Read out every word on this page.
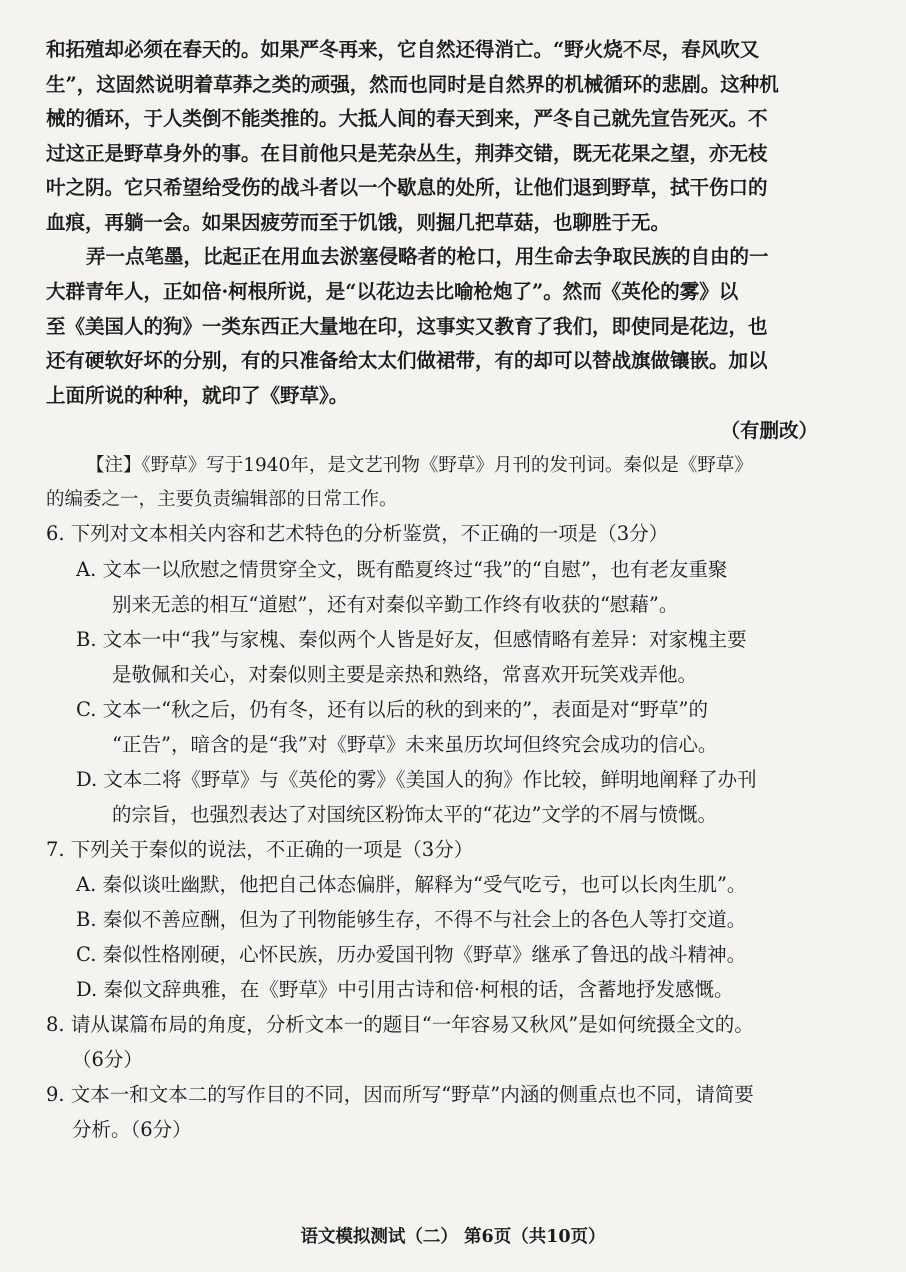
和拓殖却必须在春天的。如果严冬再来，它自然还得消亡。“野火烧不尽，春风吹又
生”，这固然说明着草莽之类的顽强，然而也同时是自然界的机械循环的悲剧。这种机
械的循环，于人类倒不能类推的。大抵人间的春天到来，严冬自己就先宣告死灭。不
过这正是野草身外的事。在目前他只是芜杂丛生，荆莽交错，既无花果之望，亦无枝
叶之阴。它只希望给受伤的战斗者以一个歇息的处所，让他们退到野草，拭干伤口的
血痕，再躺一会。如果因疲劳而至于饥饿，则掘几把草菇，也聊胜于无。
弄一点笔墨，比起正在用血去淤塞侵略者的枪口，用生命去争取民族的自由的一
大群青年人，正如倍·柯根所说，是“以花边去比喻枪炮了”。然而《英伦的雾》以
至《美国人的狗》一类东西正大量地在印，这事实又教育了我们，即使同是花边，也
还有硬软好坏的分别，有的只准备给太太们做裙带，有的却可以替战旗做镶嵌。加以
上面所说的种种，就印了《野草》。
（有删改）
【注】《野草》写于1940年，是文艺刊物《野草》月刊的发刊词。秦似是《野草》
的编委之一，主要负责编辑部的日常工作。
6. 下列对文本相关内容和艺术特色的分析鉴赏，不正确的一项是（3分）
A. 文本一以欣慰之情贯穿全文，既有酷夏终过“我”的“自慰”，也有老友重聚
别来无恙的相互“道慰”，还有对秦似辛勤工作终有收获的“慰藉”。
B. 文本一中“我”与家槐、秦似两个人皆是好友，但感情略有差异：对家槐主要
是敬佩和关心，对秦似则主要是亲热和熟络，常喜欢开玩笑戏弄他。
C. 文本一“秋之后，仍有冬，还有以后的秋的到来的”，表面是对“野草”的
“正告”，暗含的是“我”对《野草》未来虽历坎坷但终究会成功的信心。
D. 文本二将《野草》与《英伦的雾》《美国人的狗》作比较，鲜明地阐释了办刊
的宗旨，也强烈表达了对国统区粉饰太平的“花边”文学的不屑与愤慨。
7. 下列关于秦似的说法，不正确的一项是（3分）
A. 秦似谈吐幽默，他把自己体态偏胖，解释为“受气吃亏，也可以长肉生肌”。
B. 秦似不善应酬，但为了刊物能够生存，不得不与社会上的各色人等打交道。
C. 秦似性格刚硬，心怀民族，历办爱国刊物《野草》继承了鲁迅的战斗精神。
D. 秦似文辞典雅，在《野草》中引用古诗和倍·柯根的话，含蓄地抒发感慨。
8. 请从谋篇布局的角度，分析文本一的题目“一年容易又秋风”是如何统摄全文的。
（6分）
9. 文本一和文本二的写作目的不同，因而所写“野草”内涵的侧重点也不同，请简要
分析。（6分）
语文模拟测试（二） 第6页（共10页）
